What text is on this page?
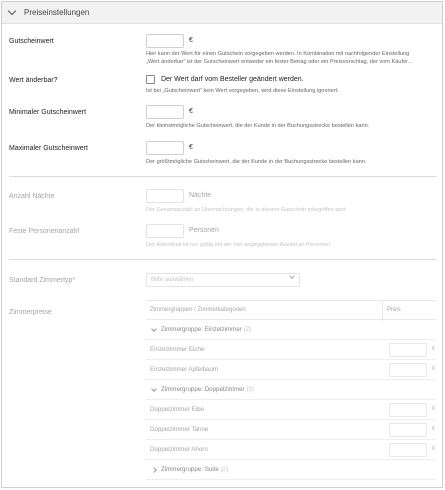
Preiseinstellungen
Gutscheinwert	€
Hier kann der Wert für einen Gutschein vorgegeben werden. In Kombination mit nachfolgender Einstellung
„Wert änderbar“ ist der Gutscheinwert entweder ein fester Betrag oder ein Preisvorschlag, der vom Käufer…
Wert änderbar?	Der Wert darf vom Besteller geändert werden.
Ist bei „Gutscheinwert“ kein Wert vorgegeben, wird diese Einstellung ignoriert.
Minimaler Gutscheinwert	€
Der kleinstmögliche Gutscheinwert, die der Kunde in der Buchungsstrecke bestellen kann.
Maximaler Gutscheinwert	€
Der größtmögliche Gutscheinwert, die der Kunde in der Buchungsstrecke bestellen kann.
Anzahl Nächte	Nächte
Der Gesamtanzahl an Übernachtungen, die in diesem Gutschein inbegriffen sind.
Feste Personenanzahl	Personen
Der Aufenthalt ist nur gültig mit der hier angegebenen Anzahl an Personen.
Standard Zimmertyp*	Bitte auswählen
Zimmerpreise	Zimmergruppen / Zimmerkategorien	Preis
Zimmergruppe: Einzelzimmer (2)
Einzelzimmer Eiche	€
Einzelzimmer Apfelbaum	€
Zimmergruppe: Doppelzimmer (3)
Doppelzimmer Eibe	€
Doppelzimmer Tanne	€
Doppelzimmer Ahorn	€
Zimmergruppe: Suite (2)
